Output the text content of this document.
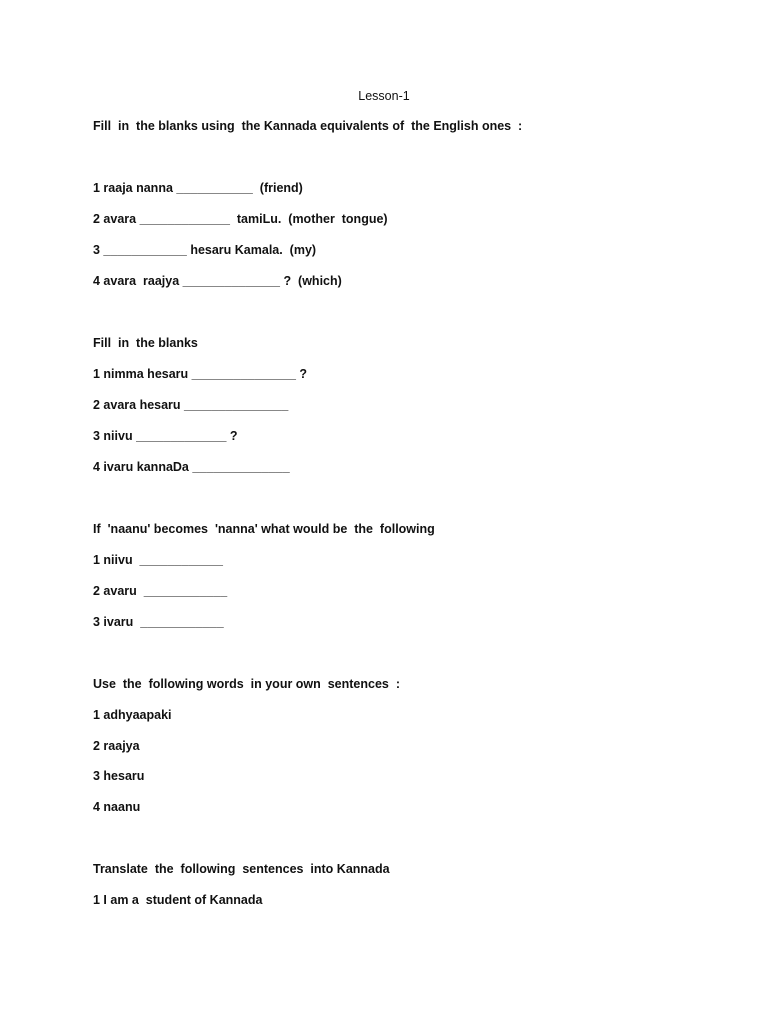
Lesson-1
Fill  in  the blanks using  the Kannada equivalents of  the English ones  :
1 raaja nanna ___________  (friend)
2 avara _____________  tamiLu.  (mother  tongue)
3 ____________ hesaru Kamala.  (my)
4 avara  raajya ______________ ?  (which)
Fill  in  the blanks
1 nimma hesaru _______________ ?
2 avara hesaru _______________
3 niivu _____________ ?
4 ivaru kannaDa ______________
If  'naanu' becomes  'nanna' what would be  the  following
1 niivu  ____________
2 avaru  ____________
3 ivaru  ____________
Use  the  following words  in your own  sentences  :
1 adhyaapaki
2 raajya
3 hesaru
4 naanu
Translate  the  following  sentences  into Kannada
1 I am a  student of Kannada
